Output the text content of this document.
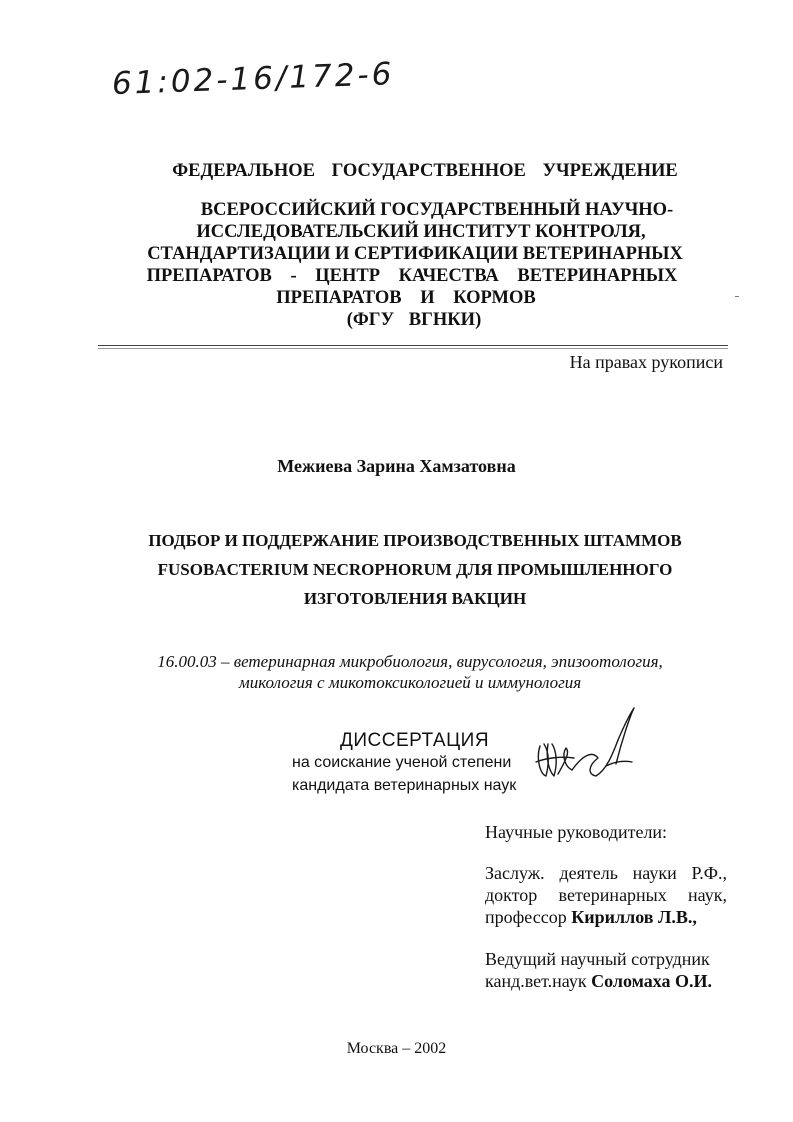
61:02-16/172-6
ФЕДЕРАЛЬНОЕ ГОСУДАРСТВЕННОЕ УЧРЕЖДЕНИЕ
ВСЕРОССИЙСКИЙ ГОСУДАРСТВЕННЫЙ НАУЧНО-
ИССЛЕДОВАТЕЛЬСКИЙ ИНСТИТУТ КОНТРОЛЯ,
СТАНДАРТИЗАЦИИ И СЕРТИФИКАЦИИ ВЕТЕРИНАРНЫХ
ПРЕПАРАТОВ - ЦЕНТР КАЧЕСТВА ВЕТЕРИНАРНЫХ
ПРЕПАРАТОВ И КОРМОВ
(ФГУ ВГНКИ)
На правах рукописи
Межиева Зарина Хамзатовна
ПОДБОР И ПОДДЕРЖАНИЕ ПРОИЗВОДСТВЕННЫХ ШТАММОВ
FUSOBACTERIUM NECROPHORUM ДЛЯ ПРОМЫШЛЕННОГО
ИЗГОТОВЛЕНИЯ ВАКЦИН
16.00.03 – ветеринарная микробиология, вирусология, эпизоотология,
микология с микотоксикологией и иммунология
ДИССЕРТАЦИЯ
на соискание ученой степени
кандидата ветеринарных наук
Научные руководители:
Заслуж. деятель науки Р.Ф.,
доктор ветеринарных наук,
профессор Кириллов Л.В.,
Ведущий научный сотрудник
канд.вет.наук Соломаха О.И.
Москва – 2002
